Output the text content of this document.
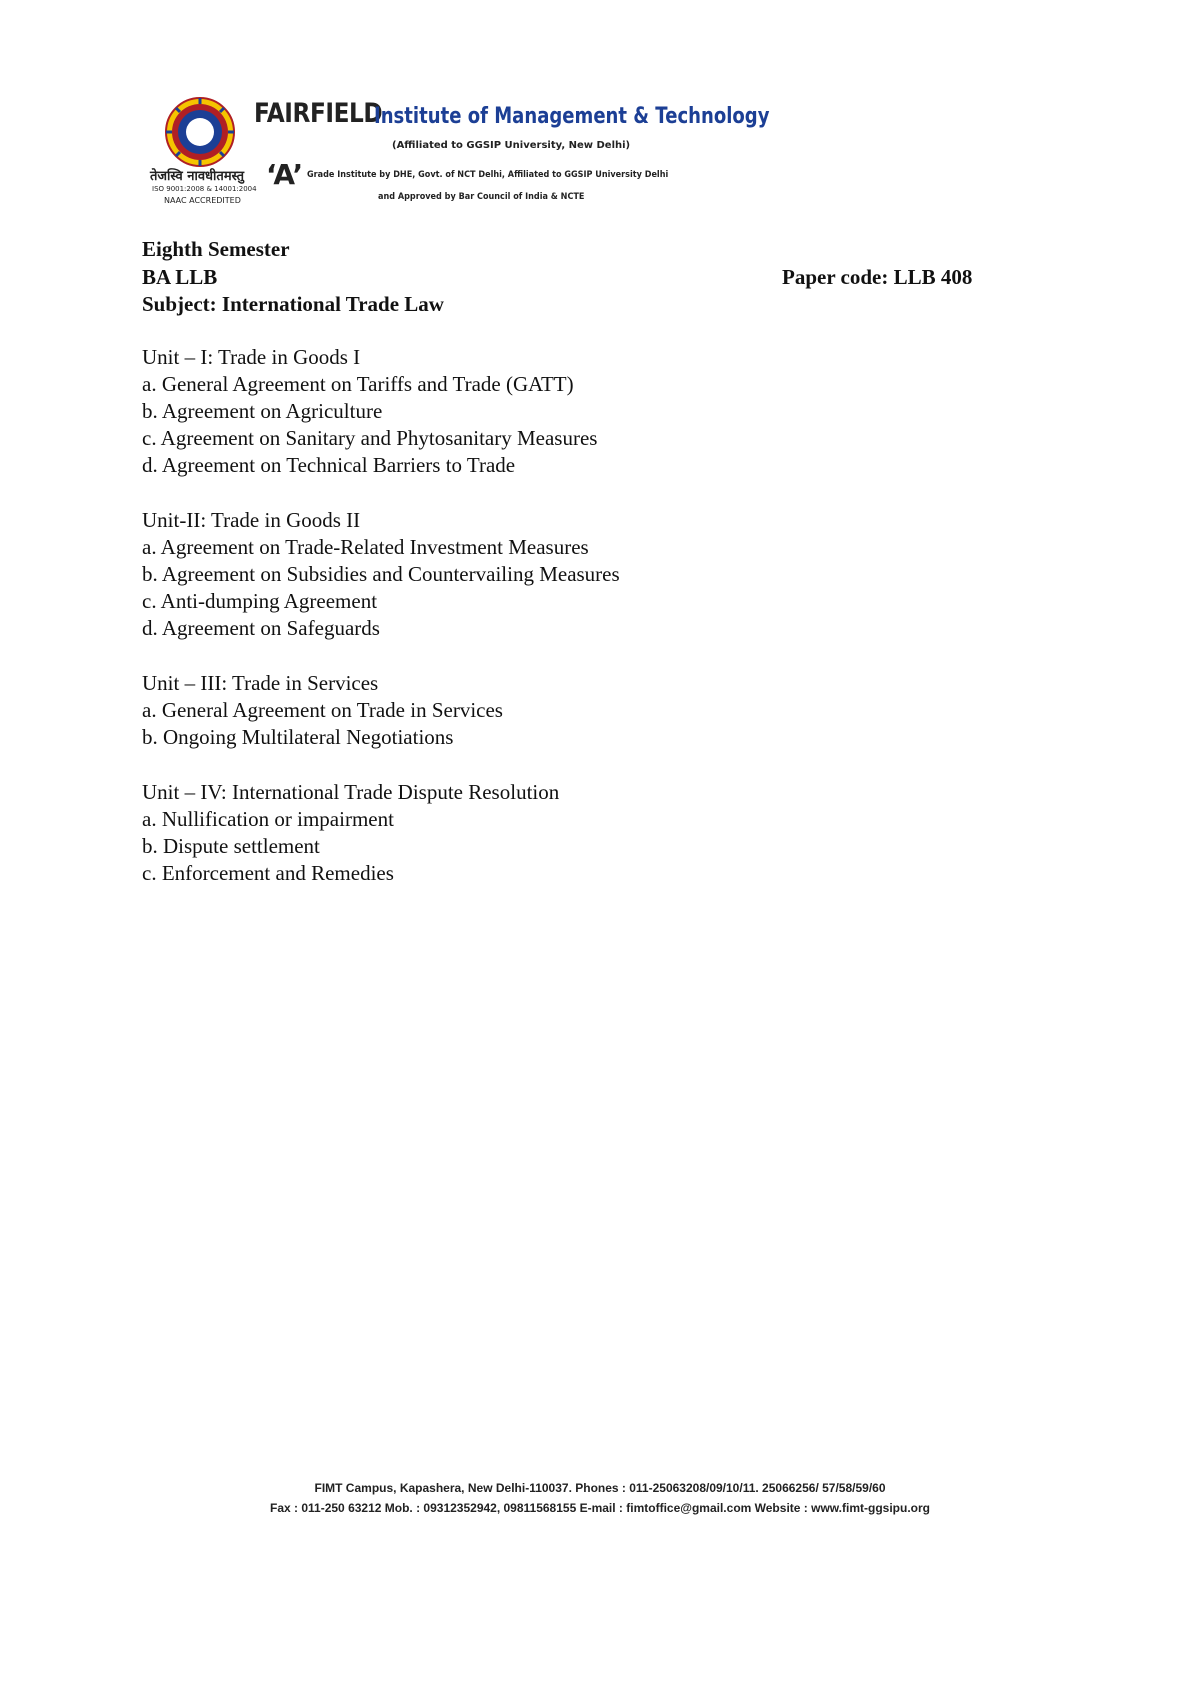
तेजस्वि नावधीतमस्तु
ISO 9001:2008 & 14001:2004
NAAC ACCREDITED
FAIRFIELD
Institute of Management & Technology
(Affiliated to GGSIP University, New Delhi)
‘A’ Grade Institute by DHE, Govt. of NCT Delhi, Affiliated to GGSIP University Delhi
and Approved by Bar Council of India & NCTE
Eighth Semester
BA LLB	Paper code: LLB 408
Subject: International Trade Law
Unit – I: Trade in Goods I
a. General Agreement on Tariffs and Trade (GATT)
b. Agreement on Agriculture
c. Agreement on Sanitary and Phytosanitary Measures
d. Agreement on Technical Barriers to Trade
Unit-II: Trade in Goods II
a. Agreement on Trade-Related Investment Measures
b. Agreement on Subsidies and Countervailing Measures
c. Anti-dumping Agreement
d. Agreement on Safeguards
Unit – III: Trade in Services
a. General Agreement on Trade in Services
b. Ongoing Multilateral Negotiations
Unit – IV: International Trade Dispute Resolution
a. Nullification or impairment
b. Dispute settlement
c. Enforcement and Remedies
FIMT Campus, Kapashera, New Delhi-110037. Phones : 011-25063208/09/10/11. 25066256/ 57/58/59/60
Fax : 011-250 63212 Mob. : 09312352942, 09811568155 E-mail : fimtoffice@gmail.com Website : www.fimt-ggsipu.org
